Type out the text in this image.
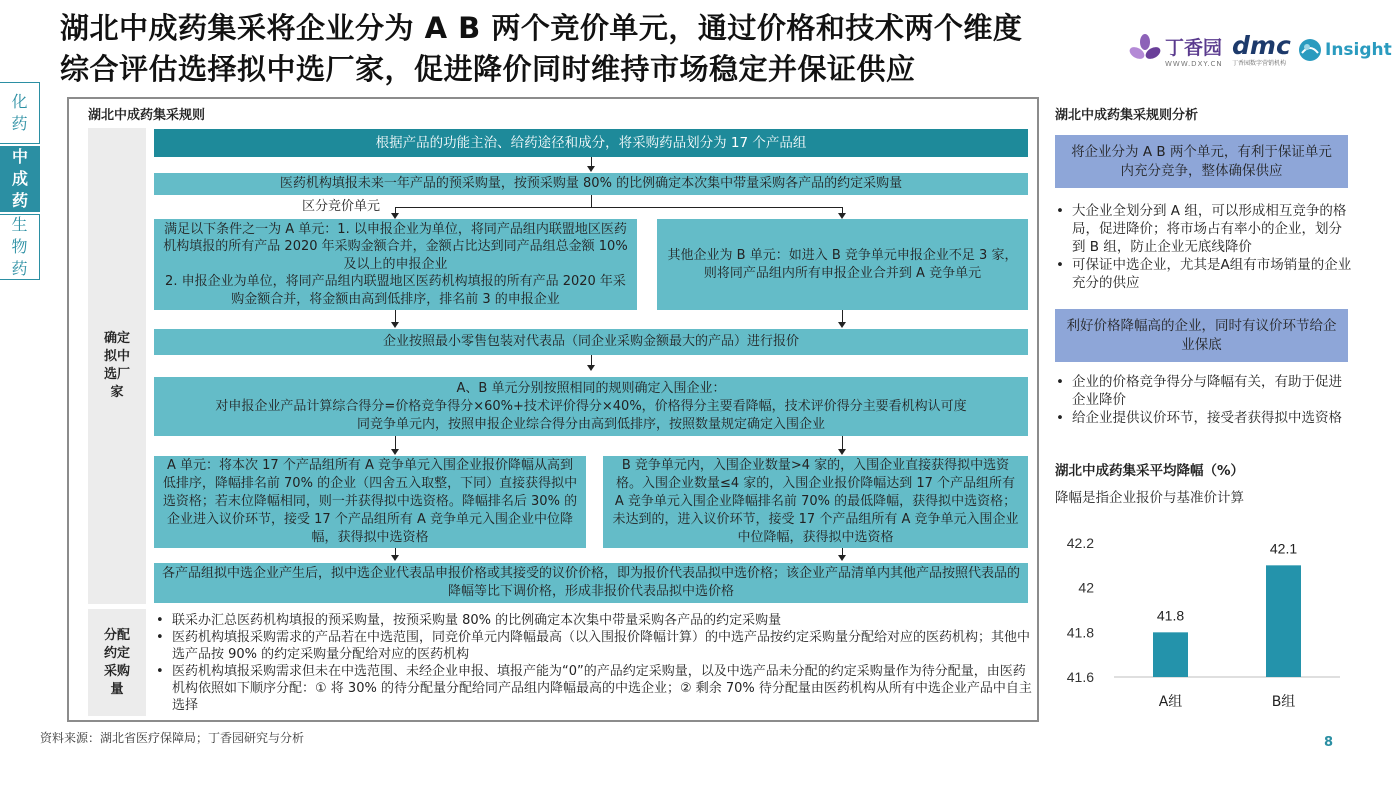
湖北中成药集采将企业分为 A B 两个竞价单元，通过价格和技术两个维度
综合评估选择拟中选厂家，促进降价同时维持市场稳定并保证供应
丁香园
WWW.DXY.CN
dmc
丁香园数字营销机构
Insight
化药
中成药
生物药
湖北中成药集采规则
确定拟中选厂家
分配约定采购量
根据产品的功能主治、给药途径和成分，将采购药品划分为 17 个产品组
医药机构填报未来一年产品的预采购量，按预采购量 80% 的比例确定本次集中带量采购各产品的约定采购量
区分竞价单元
满足以下条件之一为 A 单元：1. 以申报企业为单位，将同产品组内联盟地区医药机构填报的所有产品 2020 年采购金额合并，金额占比达到同产品组总金额 10% 及以上的申报企业
2. 申报企业为单位，将同产品组内联盟地区医药机构填报的所有产品 2020 年采购金额合并，将金额由高到低排序，排名前 3 的申报企业
其他企业为 B 单元：如进入 B 竞争单元申报企业不足 3 家，则将同产品组内所有申报企业合并到 A 竞争单元
企业按照最小零售包装对代表品（同企业采购金额最大的产品）进行报价
A、B 单元分别按照相同的规则确定入围企业：
对申报企业产品计算综合得分=价格竞争得分×60%+技术评价得分×40%，价格得分主要看降幅，技术评价得分主要看机构认可度
同竞争单元内，按照申报企业综合得分由高到低排序，按照数量规定确定入围企业
A 单元：将本次 17 个产品组所有 A 竞争单元入围企业报价降幅从高到低排序，降幅排名前 70% 的企业（四舍五入取整，下同）直接获得拟中选资格；若末位降幅相同，则一并获得拟中选资格。降幅排名后 30% 的企业进入议价环节，接受 17 个产品组所有 A 竞争单元入围企业中位降幅，获得拟中选资格
B 竞争单元内，入围企业数量>4 家的，入围企业直接获得拟中选资格。入围企业数量≤4 家的，入围企业报价降幅达到 17 个产品组所有 A 竞争单元入围企业降幅排名前 70% 的最低降幅，获得拟中选资格；未达到的，进入议价环节，接受 17 个产品组所有 A 竞争单元入围企业中位降幅，获得拟中选资格
各产品组拟中选企业产生后，拟中选企业代表品申报价格或其接受的议价价格，即为报价代表品拟中选价格；该企业产品清单内其他产品按照代表品的降幅等比下调价格，形成非报价代表品拟中选价格
• 联采办汇总医药机构填报的预采购量，按预采购量 80% 的比例确定本次集中带量采购各产品的约定采购量
• 医药机构填报采购需求的产品若在中选范围，同竞价单元内降幅最高（以入围报价降幅计算）的中选产品按约定采购量分配给对应的医药机构；其他中选产品按 90% 的约定采购量分配给对应的医药机构
• 医药机构填报采购需求但未在中选范围、未经企业申报、填报产能为“0”的产品约定采购量，以及中选产品未分配的约定采购量作为待分配量，由医药机构依照如下顺序分配：① 将 30% 的待分配量分配给同产品组内降幅最高的中选企业；② 剩余 70% 待分配量由医药机构从所有中选企业产品中自主选择
湖北中成药集采规则分析
将企业分为 A B 两个单元，有利于保证单元内充分竞争，整体确保供应
• 大企业全划分到 A 组，可以形成相互竞争的格局，促进降价；将市场占有率小的企业，划分到 B 组，防止企业无底线降价
• 可保证中选企业，尤其是A组有市场销量的企业充分的供应
利好价格降幅高的企业，同时有议价环节给企业保底
• 企业的价格竞争得分与降幅有关，有助于促进企业降价
• 给企业提供议价环节，接受者获得拟中选资格
湖北中成药集采平均降幅（%）
降幅是指企业报价与基准价计算
41.6
41.8
42
42.2
41.8
A组
42.1
B组
资料来源：湖北省医疗保障局；丁香园研究与分析	8
